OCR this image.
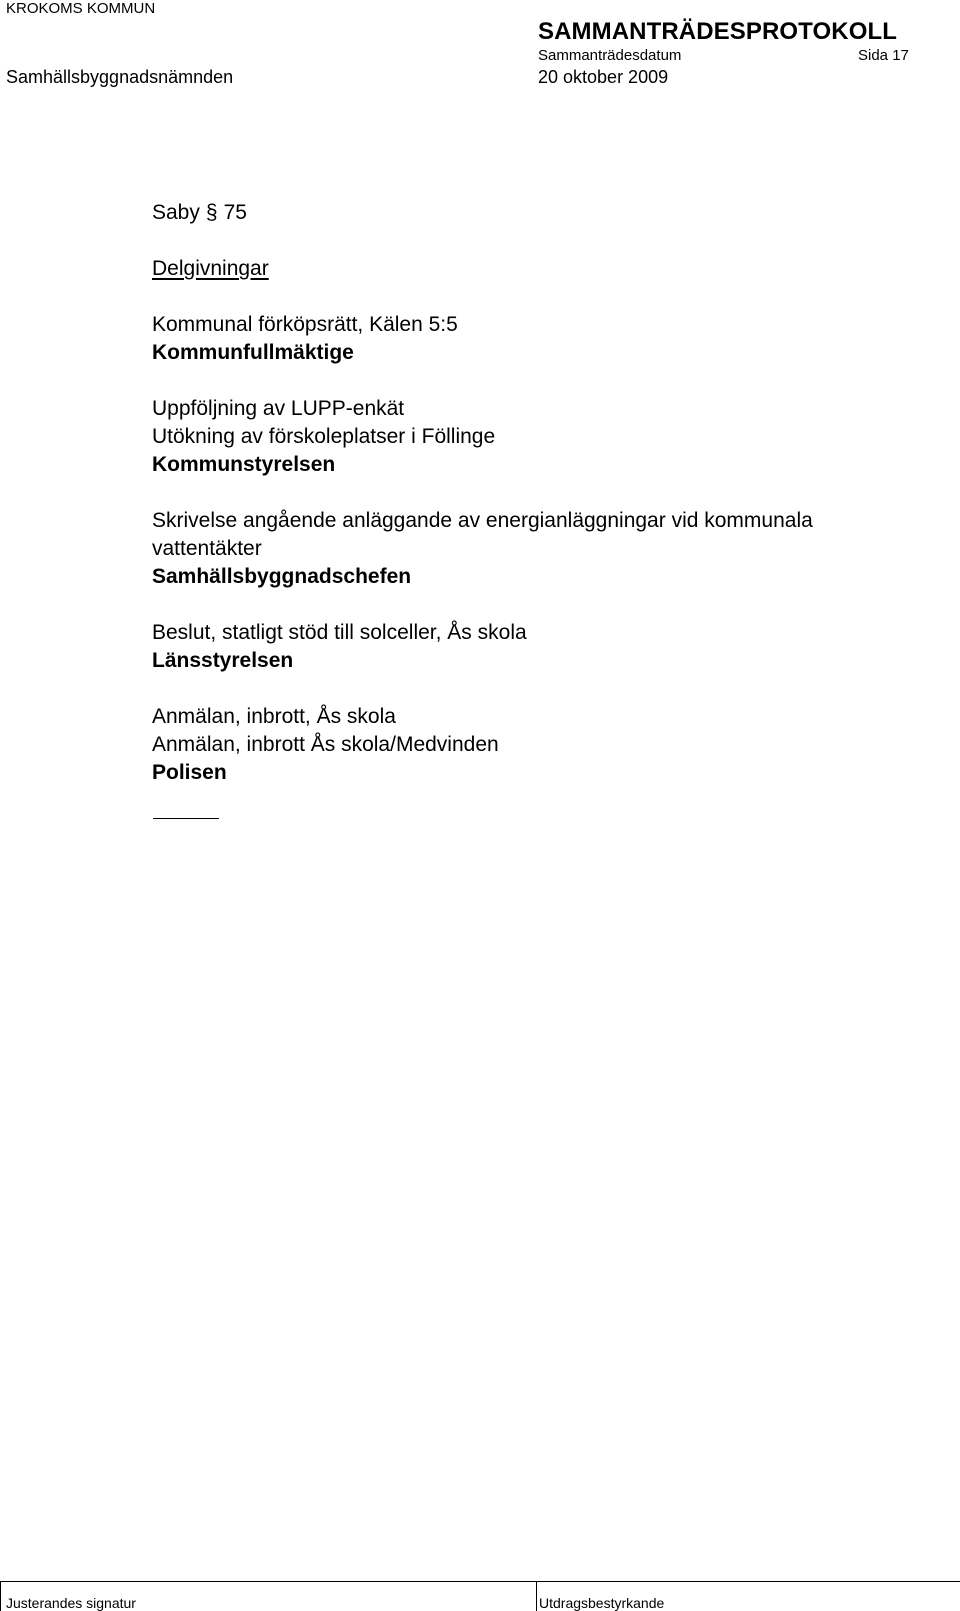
KROKOMS KOMMUN
SAMMANTRÄDESPROTOKOLL
Sammanträdesdatum	Sida 17
Samhällsbyggnadsnämnden	20 oktober 2009
Saby § 75
Delgivningar
Kommunal förköpsrätt, Kälen 5:5
Kommunfullmäktige
Uppföljning av LUPP-enkät
Utökning av förskoleplatser i Föllinge
Kommunstyrelsen
Skrivelse angående anläggande av energianläggningar vid kommunala
vattentäkter
Samhällsbyggnadschefen
Beslut, statligt stöd till solceller, Ås skola
Länsstyrelsen
Anmälan, inbrott, Ås skola
Anmälan, inbrott Ås skola/Medvinden
Polisen
Justerandes signatur	Utdragsbestyrkande
